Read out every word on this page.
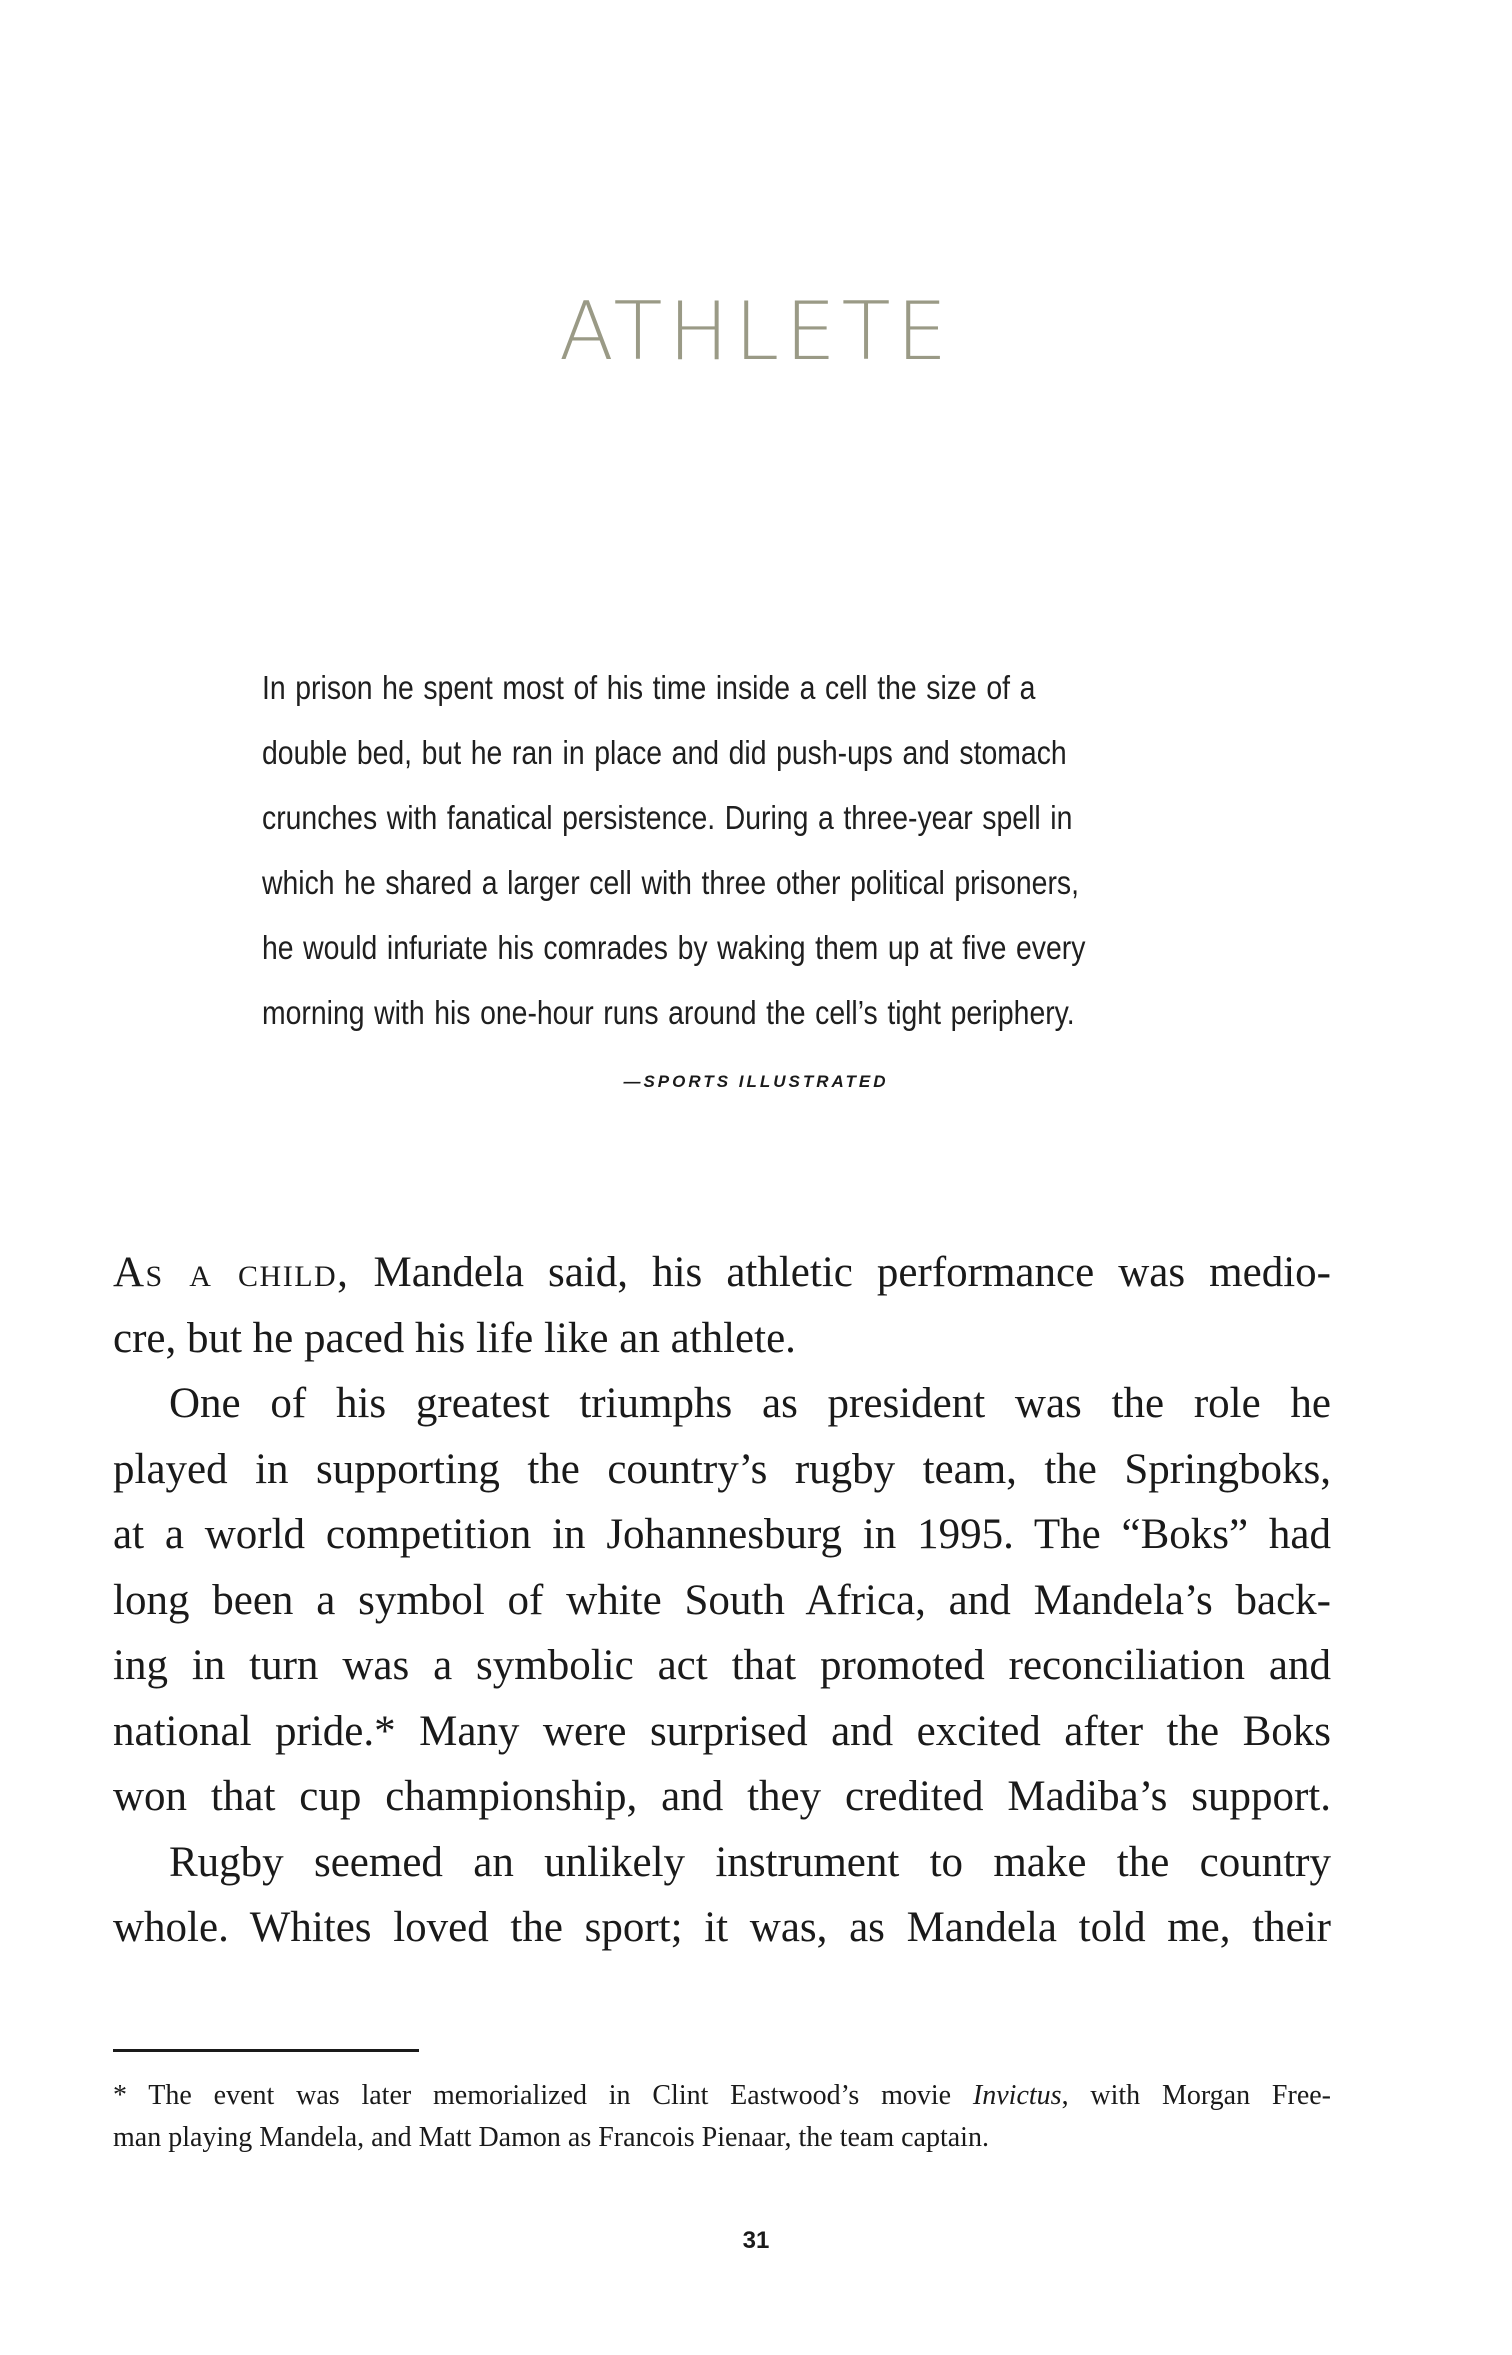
ATHLETE

In prison he spent most of his time inside a cell the size of a
double bed, but he ran in place and did push-ups and stomach
crunches with fanatical persistence. During a three-year spell in
which he shared a larger cell with three other political prisoners,
he would infuriate his comrades by waking them up at five every
morning with his one-hour runs around the cell’s tight periphery.

—SPORTS ILLUSTRATED
As a child, Mandela said, his athletic performance was medio-
cre, but he paced his life like an athlete.
One of his greatest triumphs as president was the role he
played in supporting the country’s rugby team, the Springboks,
at a world competition in Johannesburg in 1995. The “Boks” had
long been a symbol of white South Africa, and Mandela’s back-
ing in turn was a symbolic act that promoted reconciliation and
national pride.* Many were surprised and excited after the Boks
won that cup championship, and they credited Madiba’s support.
Rugby seemed an unlikely instrument to make the country
whole. Whites loved the sport; it was, as Mandela told me, their
* The event was later memorialized in Clint Eastwood’s movie Invictus, with Morgan Free-
man playing Mandela, and Matt Damon as Francois Pienaar, the team captain.
31
